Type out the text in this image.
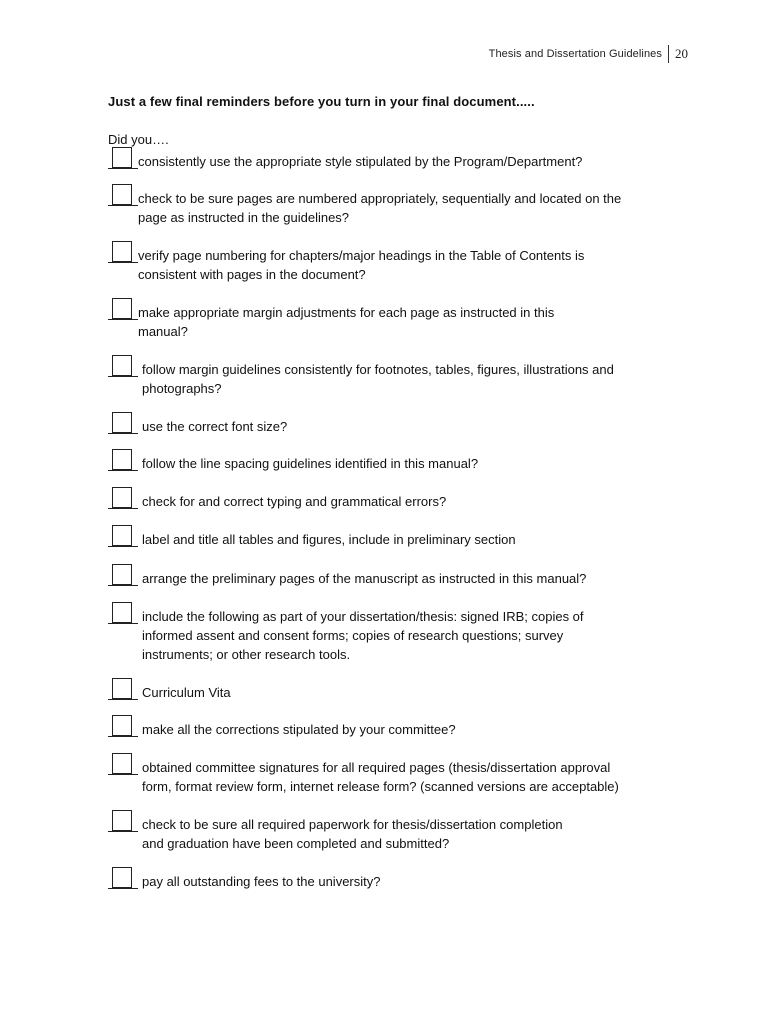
Thesis and Dissertation Guidelines	20
Just a few final reminders before you turn in your final document.....
Did you….
consistently use the appropriate style stipulated by the Program/Department?
check to be sure pages are numbered appropriately, sequentially and located on the
page as instructed in the guidelines?
verify page numbering for chapters/major headings in the Table of Contents is
consistent with pages in the document?
make appropriate margin adjustments for each page as instructed in this
manual?
follow margin guidelines consistently for footnotes, tables, figures, illustrations and
photographs?
use the correct font size?
follow the line spacing guidelines identified in this manual?
check for and correct typing and grammatical errors?
label and title all tables and figures, include in preliminary section
arrange the preliminary pages of the manuscript as instructed in this manual?
include the following as part of your dissertation/thesis: signed IRB; copies of
informed assent and consent forms; copies of research questions; survey
instruments; or other research tools.
Curriculum Vita
make all the corrections stipulated by your committee?
obtained committee signatures for all required pages (thesis/dissertation approval
form, format review form, internet release form? (scanned versions are acceptable)
check to be sure all required paperwork for thesis/dissertation completion
and graduation have been completed and submitted?
pay all outstanding fees to the university?
